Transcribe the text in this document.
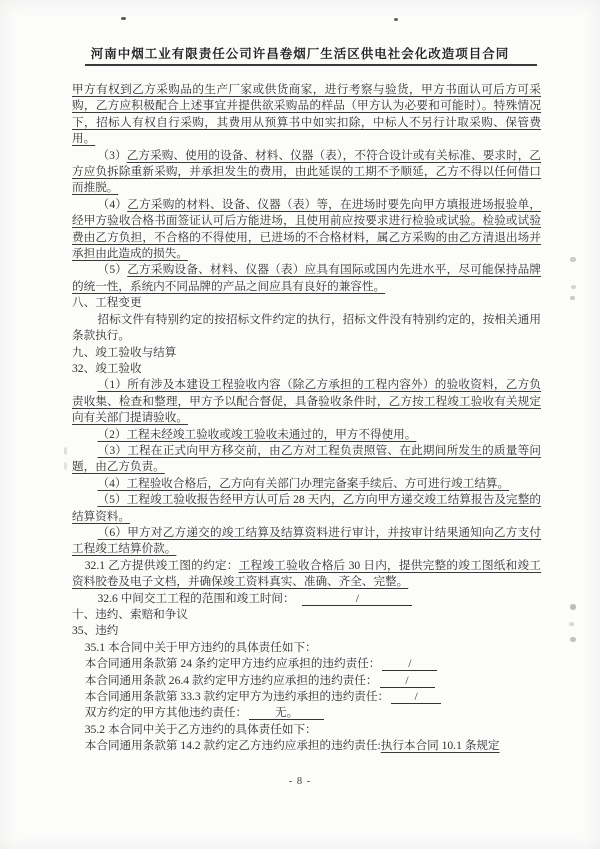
河南中烟工业有限责任公司许昌卷烟厂生活区供电社会化改造项目合同

甲方有权到乙方采购品的生产厂家或供货商家，进行考察与验货，甲方书面认可后方可采购，乙方应积极配合上述事宜并提供欲采购品的样品（甲方认为必要和可能时）。特殊情况下，招标人有权自行采购，其费用从预算书中如实扣除，中标人不另行计取采购、保管费用。

（3）乙方采购、使用的设备、材料、仪器（表），不符合设计或有关标准、要求时，乙方应负拆除重新采购，并承担发生的费用，由此延误的工期不予顺延，乙方不得以任何借口而推脱。

（4）乙方采购的材料、设备、仪器（表）等，在进场时要先向甲方填报进场报验单，经甲方验收合格书面签证认可后方能进场，且使用前应按要求进行检验或试验。检验或试验费由乙方负担，不合格的不得使用，已进场的不合格材料，属乙方采购的由乙方清退出场并承担由此造成的损失。

（5）乙方采购设备、材料、仪器（表）应具有国际或国内先进水平，尽可能保持品牌的统一性，系统内不同品牌的产品之间应具有良好的兼容性。

八、工程变更

招标文件有特别约定的按招标文件约定的执行，招标文件没有特别约定的，按相关通用条款执行。

九、竣工验收与结算

32、竣工验收

（1）所有涉及本建设工程验收内容（除乙方承担的工程内容外）的验收资料，乙方负责收集、检查和整理，甲方予以配合督促，具备验收条件时，乙方按工程竣工验收有关规定向有关部门提请验收。

（2）工程未经竣工验收或竣工验收未通过的，甲方不得使用。

（3）工程在正式向甲方移交前，由乙方对工程负责照管、在此期间所发生的质量等问题，由乙方负责。

（4）工程验收合格后，乙方向有关部门办理完备案手续后、方可进行竣工结算。

（5）工程竣工验收报告经甲方认可后 28 天内，乙方向甲方递交竣工结算报告及完整的结算资料。

（6）甲方对乙方递交的竣工结算及结算资料进行审计，并按审计结果通知向乙方支付工程竣工结算价款。

32.1 乙方提供竣工图的约定：工程竣工验收合格后 30 日内，提供完整的竣工图纸和竣工资料胶卷及电子文档，并确保竣工资料真实、准确、齐全、完整。

32.6 中间交工工程的范围和竣工时间：　	/

十、违约、索赔和争议

35、违约

35.1 本合同中关于甲方违约的具体责任如下：

本合同通用条款第 24 条约定甲方违约应承担的违约责任： /

本合同通用条款 26.4 款约定甲方违约应承担的违约责任： /

本合同通用条款第 33.3 款约定甲方为违约承担的违约责任： /

双方约定的甲方其他违约责任： 无。

35.2 本合同中关于乙方违约的具体责任如下：

本合同通用条款第 14.2 款约定乙方违约应承担的违约责任:执行本合同 10.1 条规定

- 8 -
